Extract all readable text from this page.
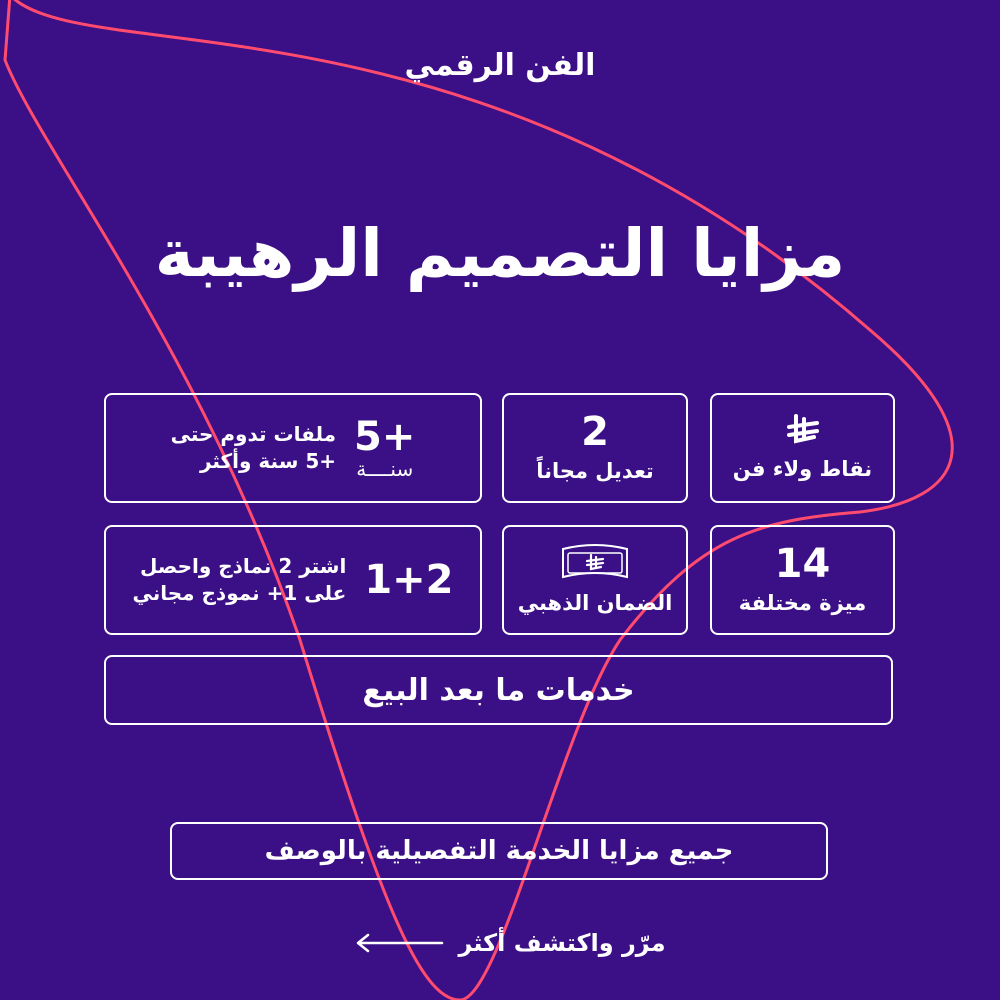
الفن الرقمي
مزايا التصميم الرهيبة
نقاط ولاء فن
2
تعديل مجاناً
+5
سنــــة
ملفات تدوم حتى
+5 سنة وأكثر
14
ميزة مختلفة
الضمان الذهبي
1+2
اشتر 2 نماذج واحصل
على 1+ نموذج مجاني
خدمات ما بعد البيع
جميع مزايا الخدمة التفصيلية بالوصف
مرّر واكتشف أكثر
